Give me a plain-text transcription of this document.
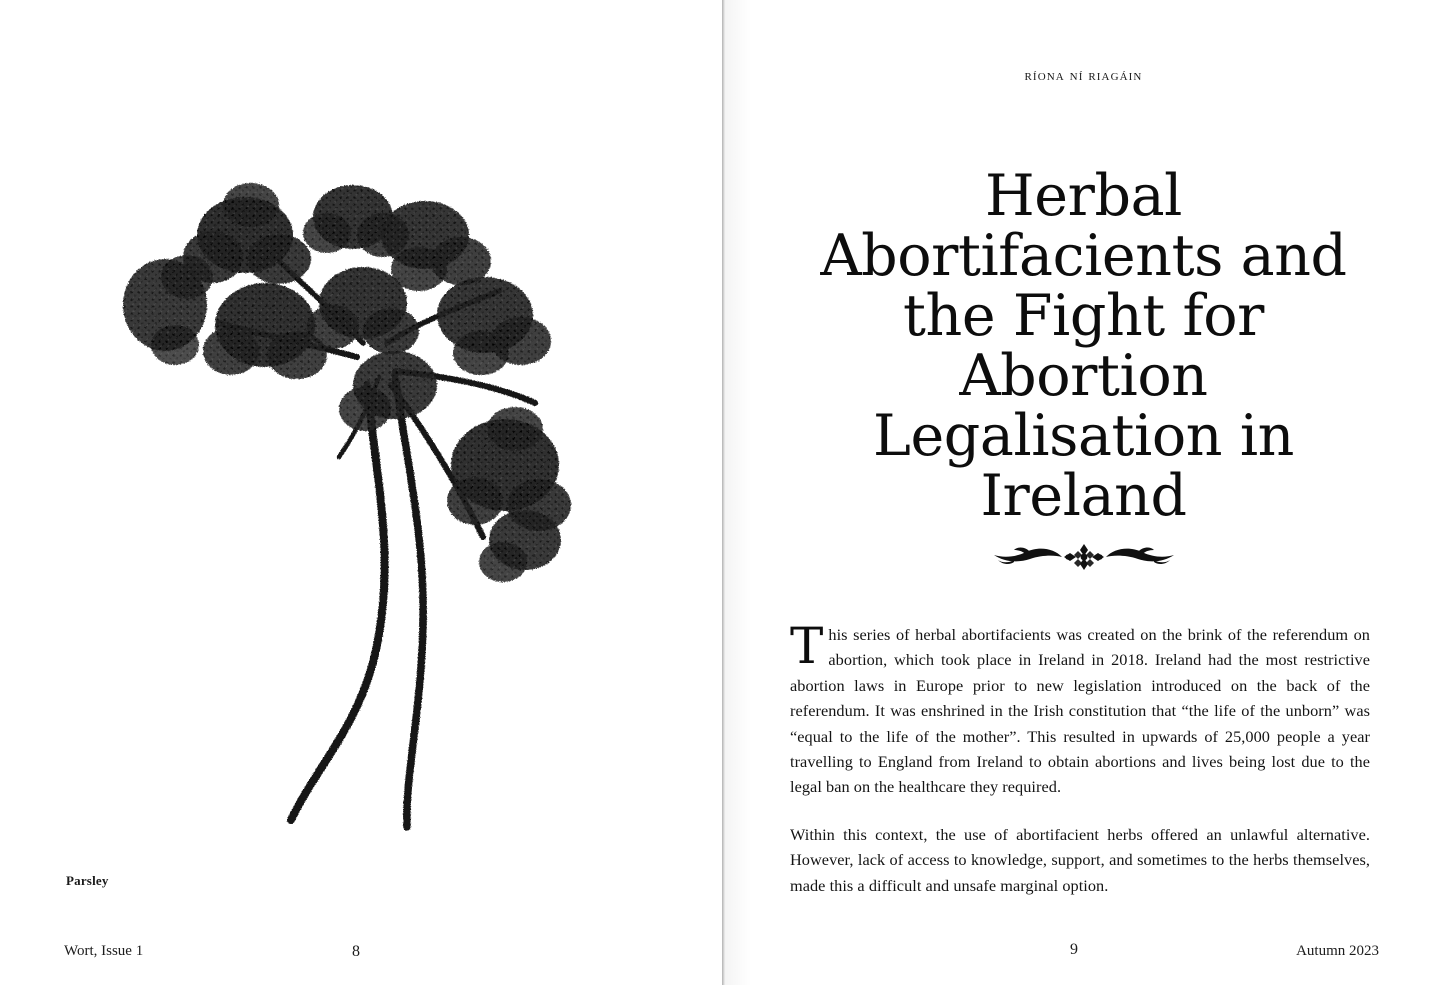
Parsley
Wort, Issue 1	8
ríona ní riagáin
Herbal
Abortifacients and
the Fight for
Abortion
Legalisation in
Ireland

This series of herbal abortifacients was created on the brink of the referendum on abortion, which took place in Ireland in 2018. Ireland had the most restrictive abortion laws in Europe prior to new legislation introduced on the back of the referendum. It was enshrined in the Irish constitution that “the life of the unborn” was “equal to the life of the mother”. This resulted in upwards of 25,000 people a year travelling to England from Ireland to obtain abortions and lives being lost due to the legal ban on the healthcare they required.

Within this context, the use of abortifacient herbs offered an unlawful alternative. However, lack of access to knowledge, support, and sometimes to the herbs themselves, made this a difficult and unsafe marginal option.

9	Autumn 2023
